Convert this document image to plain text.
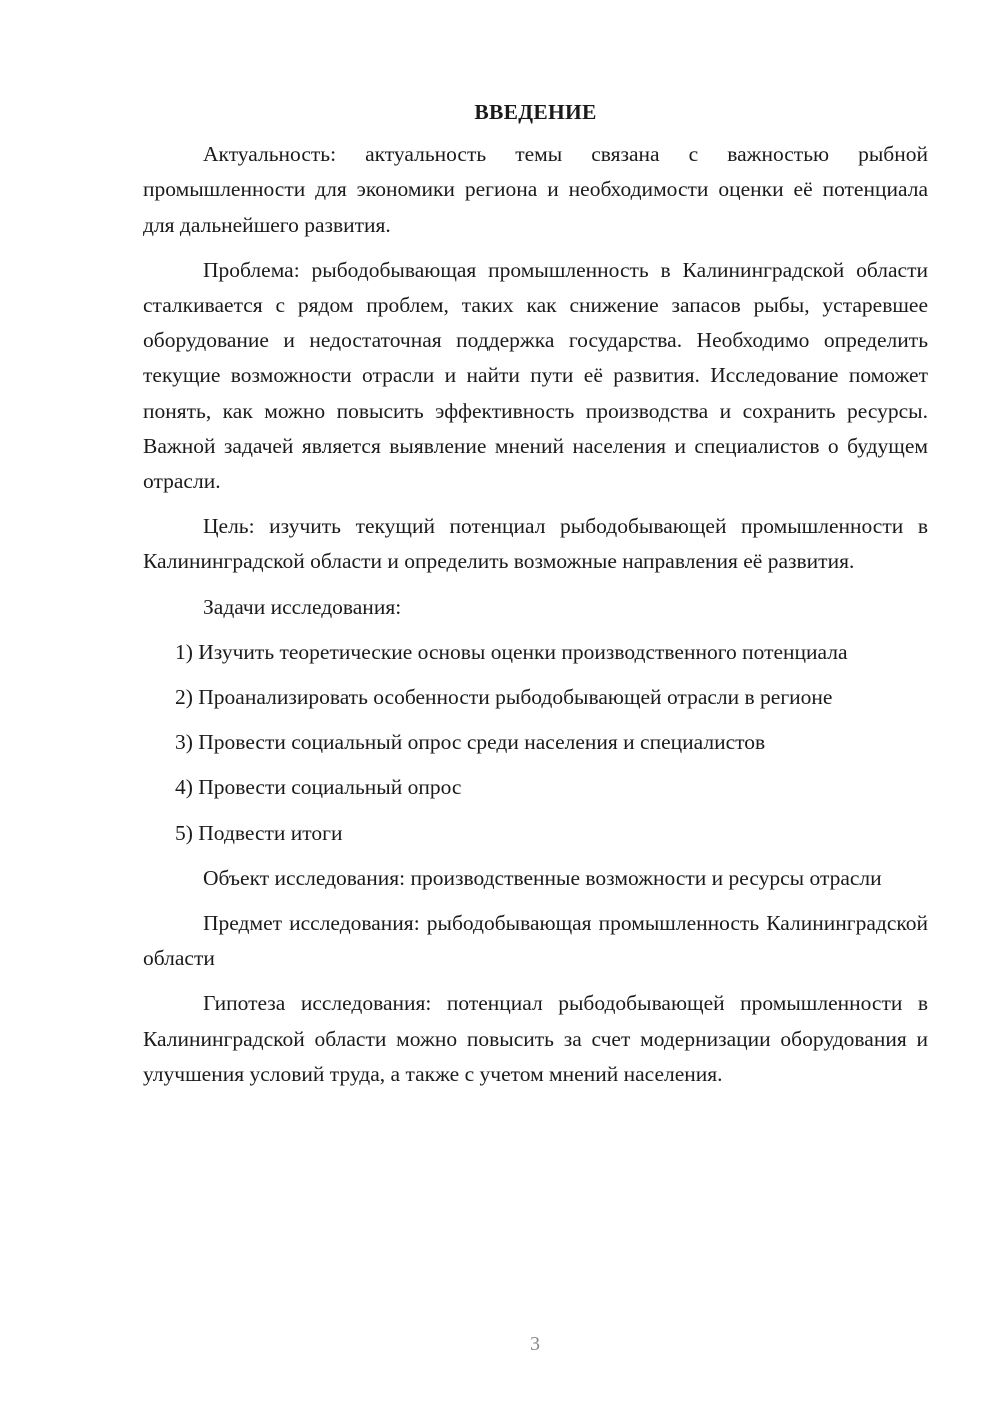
ВВЕДЕНИЕ

Актуальность: актуальность темы связана с важностью рыбной промышленности для экономики региона и необходимости оценки её потенциала для дальнейшего развития.

Проблема: рыбодобывающая промышленность в Калининградской области сталкивается с рядом проблем, таких как снижение запасов рыбы, устаревшее оборудование и недостаточная поддержка государства. Необходимо определить текущие возможности отрасли и найти пути её развития. Исследование поможет понять, как можно повысить эффективность производства и сохранить ресурсы. Важной задачей является выявление мнений населения и специалистов о будущем отрасли.

Цель: изучить текущий потенциал рыбодобывающей промышленности в Калининградской области и определить возможные направления её развития.

Задачи исследования:

1) Изучить теоретические основы оценки производственного потенциала

2) Проанализировать особенности рыбодобывающей отрасли в регионе

3) Провести социальный опрос среди населения и специалистов

4) Провести социальный опрос

5) Подвести итоги

Объект исследования: производственные возможности и ресурсы отрасли

Предмет исследования: рыбодобывающая промышленность Калининградской области

Гипотеза исследования: потенциал рыбодобывающей промышленности в Калининградской области можно повысить за счет модернизации оборудования и улучшения условий труда, а также с учетом мнений населения.

3
